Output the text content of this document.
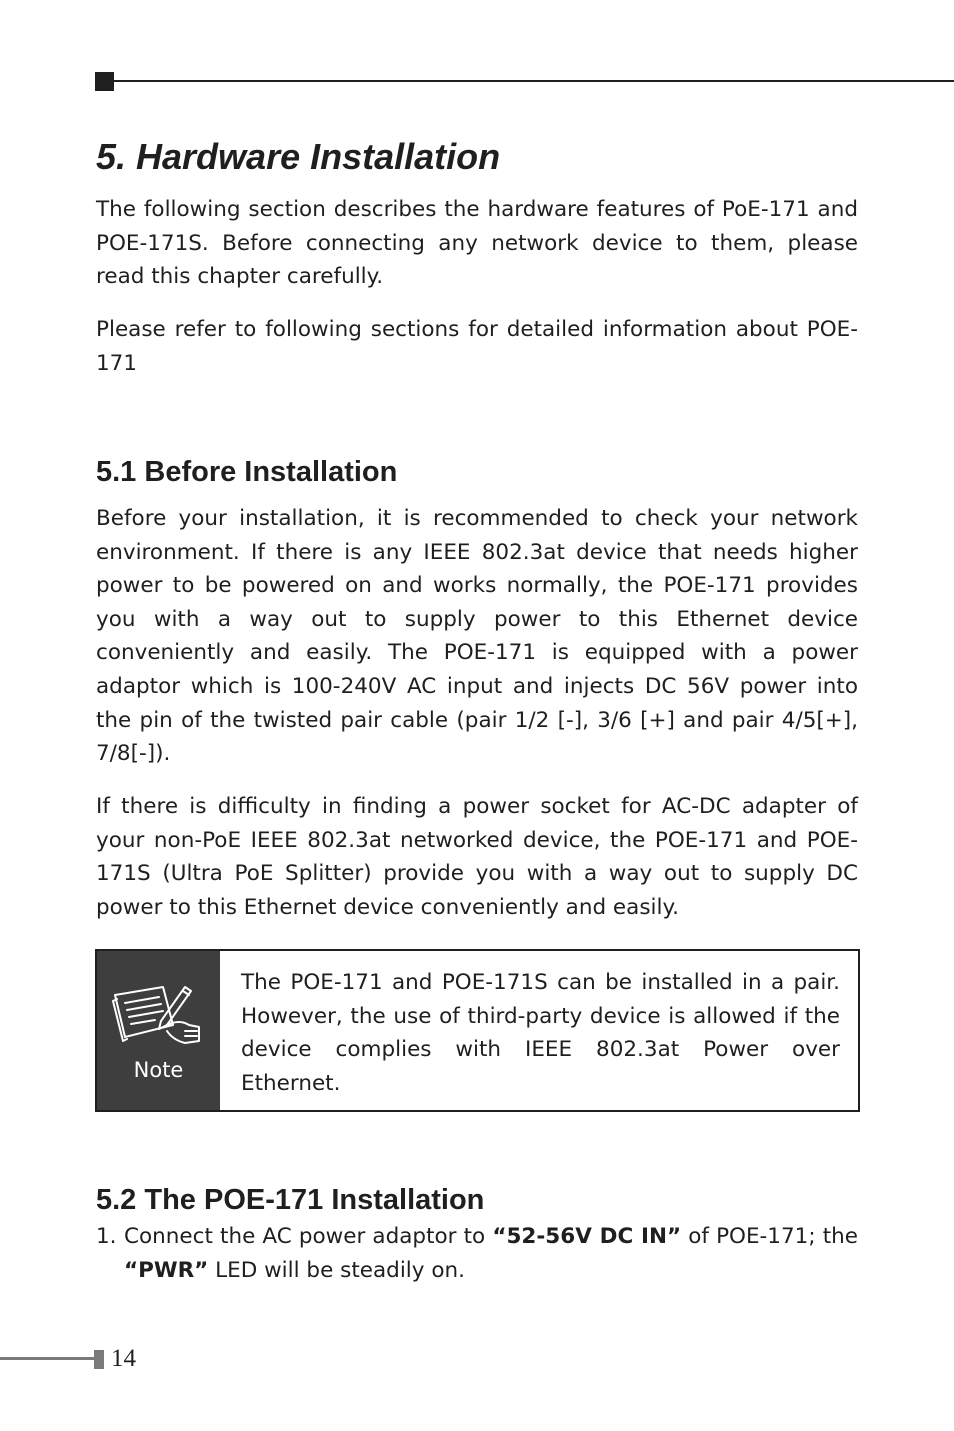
5. Hardware Installation

The following section describes the hardware features of PoE-171 and POE-171S. Before connecting any network device to them, please read this chapter carefully.

Please refer to following sections for detailed information about POE-171

5.1 Before Installation

Before your installation, it is recommended to check your network environment. If there is any IEEE 802.3at device that needs higher power to be powered on and works normally, the POE-171 provides you with a way out to supply power to this Ethernet device conveniently and easily. The POE-171 is equipped with a power adaptor which is 100-240V AC input and injects DC 56V power into the pin of the twisted pair cable (pair 1/2 [-], 3/6 [+] and pair 4/5[+], 7/8[-]).

If there is difficulty in finding a power socket for AC-DC adapter of your non-PoE IEEE 802.3at networked device, the POE-171 and POE-171S (Ultra PoE Splitter) provide you with a way out to supply DC power to this Ethernet device conveniently and easily.

5.2 The POE-171 Installation
1. Connect the AC power adaptor to “52-56V DC IN” of POE-171; the “PWR” LED will be steadily on.

Note

The POE-171 and POE-171S can be installed in a pair. However, the use of third-party device is allowed if the device complies with IEEE 802.3at Power over Ethernet.

14
